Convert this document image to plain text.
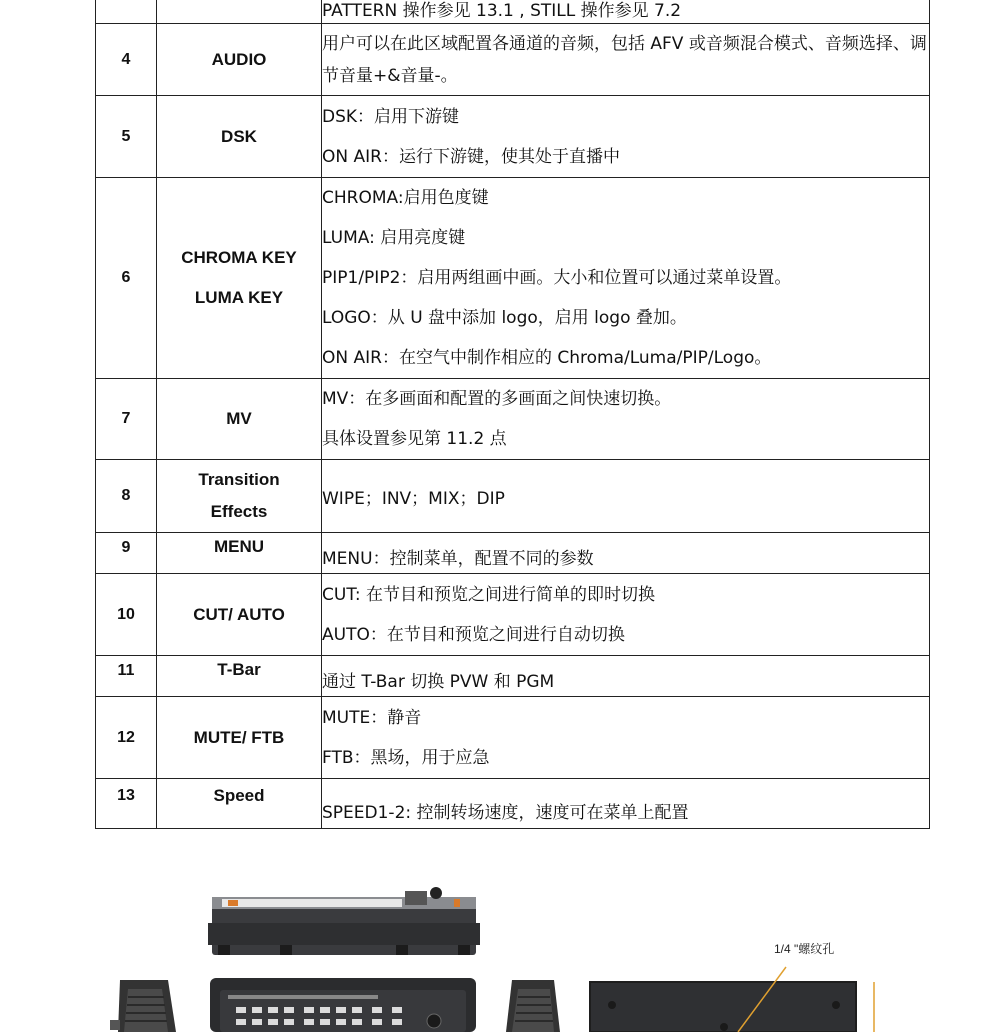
		PATTERN 操作参见 13.1 , STILL 操作参见 7.2

4	AUDIO	用户可以在此区域配置各通道的音频，包括 AFV 或音频混合模式、音频选择、调节音量+&音量-。

5	DSK	DSK：启用下游键
ON AIR：运行下游键，使其处于直播中

6	CHROMA KEY
LUMA KEY	CHROMA:启用色度键
LUMA: 启用亮度键
PIP1/PIP2：启用两组画中画。大小和位置可以通过菜单设置。
LOGO：从 U 盘中添加 logo，启用 logo 叠加。
ON AIR：在空气中制作相应的 Chroma/Luma/PIP/Logo。

7	MV	MV：在多画面和配置的多画面之间快速切换。
具体设置参见第 11.2 点

8	Transition
Effects	WIPE；INV；MIX；DIP

9	MENU	MENU：控制菜单，配置不同的参数

10	CUT/ AUTO	CUT: 在节目和预览之间进行简单的即时切换
AUTO：在节目和预览之间进行自动切换

11	T-Bar	通过 T-Bar 切换 PVW 和 PGM

12	MUTE/ FTB	MUTE：静音
FTB：黑场，用于应急

13	Speed	SPEED1-2: 控制转场速度，速度可在菜单上配置
1/4 "螺纹孔
